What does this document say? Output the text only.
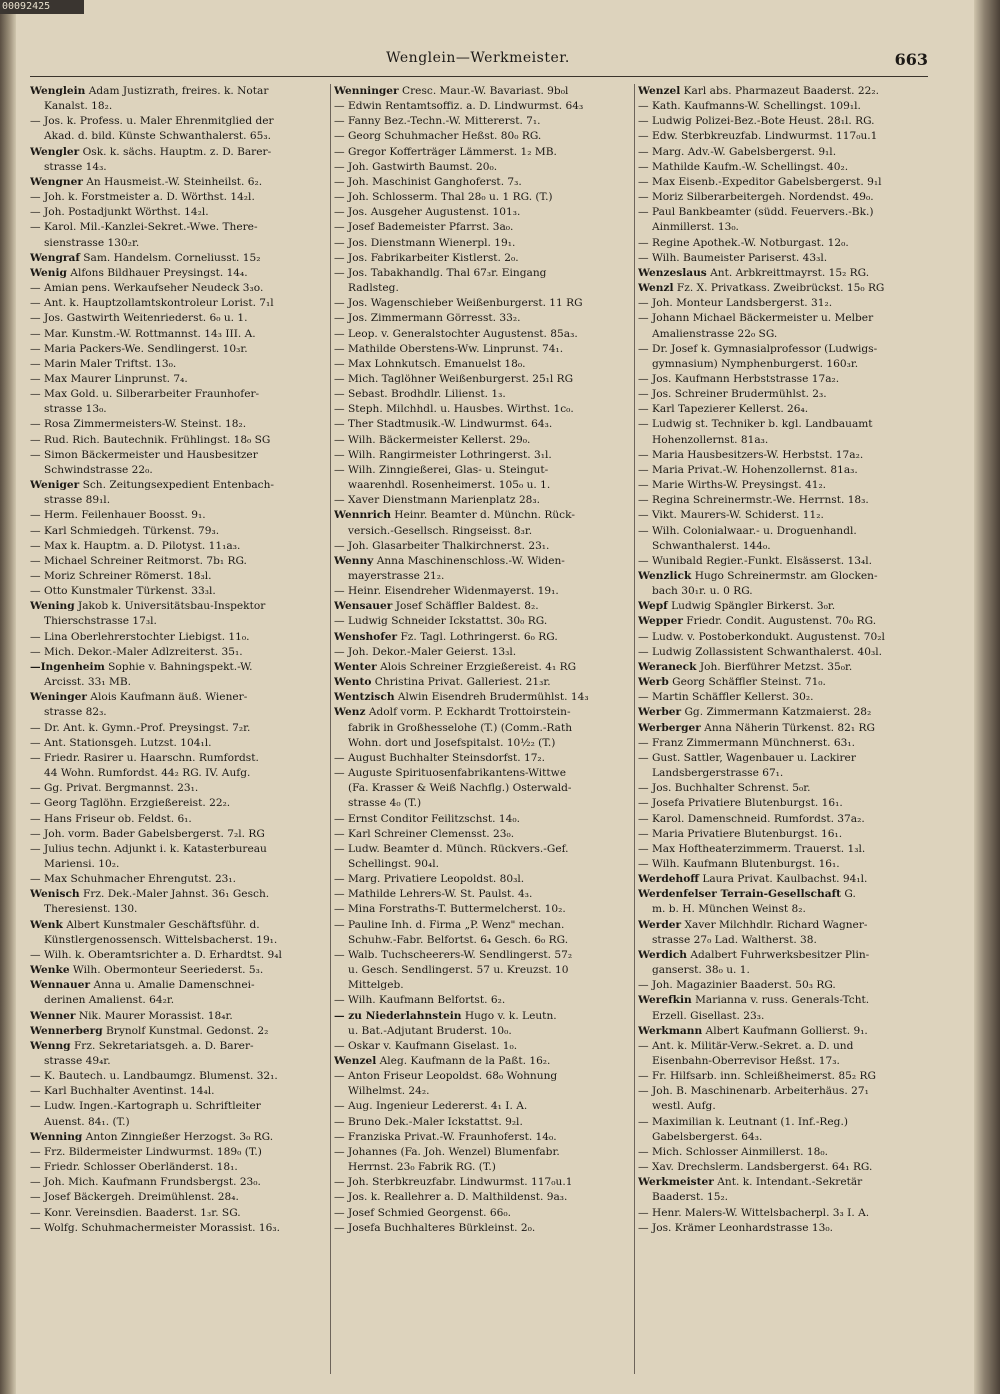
00092425
Wenglein—Werkmeister.	663
Wenglein Adam Justizrath, freires. k. Notar
Kanalst. 18₂.
— Jos. k. Profess. u. Maler Ehrenmitglied der
Akad. d. bild. Künste Schwanthalerst. 65₃.
Wengler Osk. k. sächs. Hauptm. z. D. Barer-
strasse 14₃.
Wengner An Hausmeist.-W. Steinheilst. 6₂.
— Joh. k. Forstmeister a. D. Wörthst. 14₂l.
— Joh. Postadjunkt Wörthst. 14₂l.
— Karol. Mil.-Kanzlei-Sekret.-Wwe. There-
sienstrasse 130₂r.
Wengraf Sam. Handelsm. Corneliusst. 15₂
Wenig Alfons Bildhauer Preysingst. 14₄.
— Amian pens. Werkaufseher Neudeck 3₃o.
— Ant. k. Hauptzollamtskontroleur Lorist. 7₁l
— Jos. Gastwirth Weitenriederst. 6₀ u. 1.
— Mar. Kunstm.-W. Rottmannst. 14₃ III. A.
— Maria Packers-We. Sendlingerst. 10₃r.
— Marin Maler Triftst. 13₀.
— Max Maurer Linprunst. 7₄.
— Max Gold. u. Silberarbeiter Fraunhofer-
strasse 13₀.
— Rosa Zimmermeisters-W. Steinst. 18₂.
— Rud. Rich. Bautechnik. Frühlingst. 18₀ SG
— Simon Bäckermeister und Hausbesitzer
Schwindstrasse 22₀.
Weniger Sch. Zeitungsexpedient Entenbach-
strasse 89₁l.
— Herm. Feilenhauer Boosst. 9₁.
— Karl Schmiedgeh. Türkenst. 79₃.
— Max k. Hauptm. a. D. Pilotyst. 11₁a₃.
— Michael Schreiner Reitmorst. 7b₁ RG.
— Moriz Schreiner Römerst. 18₃l.
— Otto Kunstmaler Türkenst. 33₃l.
Wening Jakob k. Universitätsbau-Inspektor
Thierschstrasse 17₃l.
— Lina Oberlehrerstochter Liebigst. 11₀.
— Mich. Dekor.-Maler Adlzreiterst. 35₁.
—Ingenheim Sophie v. Bahningspekt.-W.
Arcisst. 33₁ MB.
Weninger Alois Kaufmann äuß. Wiener-
strasse 82₃.
— Dr. Ant. k. Gymn.-Prof. Preysingst. 7₂r.
— Ant. Stationsgeh. Lutzst. 104₁l.
— Friedr. Rasirer u. Haarschn. Rumfordst.
44 Wohn. Rumfordst. 44₂ RG. IV. Aufg.
— Gg. Privat. Bergmannst. 23₁.
— Georg Taglöhn. Erzgießereist. 22₂.
— Hans Friseur ob. Feldst. 6₁.
— Joh. vorm. Bader Gabelsbergerst. 7₂l. RG
— Julius techn. Adjunkt i. k. Katasterbureau
Mariensi. 10₂.
— Max Schuhmacher Ehrengutst. 23₁.
Wenisch Frz. Dek.-Maler Jahnst. 36₁ Gesch.
Theresienst. 130.
Wenk Albert Kunstmaler Geschäftsführ. d.
Künstlergenossensch. Wittelsbacherst. 19₁.
— Wilh. k. Oberamtsrichter a. D. Erhardtst. 9₄l
Wenke Wilh. Obermonteur Seeriederst. 5₃.
Wennauer Anna u. Amalie Damenschnei-
derinen Amalienst. 64₂r.
Wenner Nik. Maurer Morassist. 18₄r.
Wennerberg Brynolf Kunstmal. Gedonst. 2₂
Wenng Frz. Sekretariatsgeh. a. D. Barer-
strasse 49₄r.
— K. Bautech. u. Landbaumgz. Blumenst. 32₁.
— Karl Buchhalter Aventinst. 14₄l.
— Ludw. Ingen.-Kartograph u. Schriftleiter
Auenst. 84₁. (T.)
Wenning Anton Zinngießer Herzogst. 3₀ RG.
— Frz. Bildermeister Lindwurmst. 189₀ (T.)
— Friedr. Schlosser Oberländerst. 18₁.
— Joh. Mich. Kaufmann Frundsbergst. 23₀.
— Josef Bäckergeh. Dreimühlenst. 28₄.
— Konr. Vereinsdien. Baaderst. 1₃r. SG.
— Wolfg. Schuhmachermeister Morassist. 16₃.
Wenninger Cresc. Maur.-W. Bavariast. 9b₀l
— Edwin Rentamtsoffiz. a. D. Lindwurmst. 64₃
— Fanny Bez.-Techn.-W. Mittererst. 7₁.
— Georg Schuhmacher Heßst. 80₀ RG.
— Gregor Kofferträger Lämmerst. 1₂ MB.
— Joh. Gastwirth Baumst. 20₀.
— Joh. Maschinist Ganghoferst. 7₃.
— Joh. Schlosserm. Thal 28₀ u. 1 RG. (T.)
— Jos. Ausgeher Augustenst. 101₃.
— Josef Bademeister Pfarrst. 3a₀.
— Jos. Dienstmann Wienerpl. 19₁.
— Jos. Fabrikarbeiter Kistlerst. 2₀.
— Jos. Tabakhandlg. Thal 67₃r. Eingang
Radlsteg.
— Jos. Wagenschieber Weißenburgerst. 11 RG
— Jos. Zimmermann Görresst. 33₂.
— Leop. v. Generalstochter Augustenst. 85a₃.
— Mathilde Oberstens-Ww. Linprunst. 74₁.
— Max Lohnkutsch. Emanuelst 18₀.
— Mich. Taglöhner Weißenburgerst. 25₁l RG
— Sebast. Brodhdlr. Lilienst. 1₃.
— Steph. Milchhdl. u. Hausbes. Wirthst. 1c₀.
— Ther Stadtmusik.-W. Lindwurmst. 64₃.
— Wilh. Bäckermeister Kellerst. 29₀.
— Wilh. Rangirmeister Lothringerst. 3₁l.
— Wilh. Zinngießerei, Glas- u. Steingut-
waarenhdl. Rosenheimerst. 105₀ u. 1.
— Xaver Dienstmann Marienplatz 28₃.
Wennrich Heinr. Beamter d. Münchn. Rück-
versich.-Gesellsch. Ringseisst. 8₃r.
— Joh. Glasarbeiter Thalkirchnerst. 23₁.
Wenny Anna Maschinenschloss.-W. Widen-
mayerstrasse 21₂.
— Heinr. Eisendreher Widenmayerst. 19₁.
Wensauer Josef Schäffler Baldest. 8₂.
— Ludwig Schneider Ickstattst. 30₀ RG.
Wenshofer Fz. Tagl. Lothringerst. 6₀ RG.
— Joh. Dekor.-Maler Geierst. 13₃l.
Wenter Alois Schreiner Erzgießereist. 4₁ RG
Wento Christina Privat. Galleriest. 21₃r.
Wentzisch Alwin Eisendreh Brudermühlst. 14₃
Wenz Adolf vorm. P. Eckhardt Trottoirstein-
fabrik in Großhesselohe (T.) (Comm.-Rath
Wohn. dort und Josefspitalst. 10½₂ (T.)
— August Buchhalter Steinsdorfst. 17₂.
— Auguste Spirituosenfabrikantens-Wittwe
(Fa. Krasser & Weiß Nachflg.) Osterwald-
strasse 4₀ (T.)
— Ernst Conditor Feilitzschst. 14₀.
— Karl Schreiner Clemensst. 23₀.
— Ludw. Beamter d. Münch. Rückvers.-Gef.
Schellingst. 90₄l.
— Marg. Privatiere Leopoldst. 80₃l.
— Mathilde Lehrers-W. St. Paulst. 4₃.
— Mina Forstraths-T. Buttermelcherst. 10₂.
— Pauline Inh. d. Firma „P. Wenz" mechan.
Schuhw.-Fabr. Belfortst. 6₄ Gesch. 6₀ RG.
— Walb. Tuchscheerers-W. Sendlingerst. 57₂
u. Gesch. Sendlingerst. 57 u. Kreuzst. 10
Mittelgeb.
— Wilh. Kaufmann Belfortst. 6₂.
— zu Niederlahnstein Hugo v. k. Leutn.
u. Bat.-Adjutant Bruderst. 10₀.
— Oskar v. Kaufmann Giselast. 1₀.
Wenzel Aleg. Kaufmann de la Paßt. 16₂.
— Anton Friseur Leopoldst. 68₀ Wohnung
Wilhelmst. 24₂.
— Aug. Ingenieur Ledererst. 4₁ I. A.
— Bruno Dek.-Maler Ickstattst. 9₂l.
— Franziska Privat.-W. Fraunhoferst. 14₀.
— Johannes (Fa. Joh. Wenzel) Blumenfabr.
Herrnst. 23₀ Fabrik RG. (T.)
— Joh. Sterbkreuzfabr. Lindwurmst. 117₀u.1
— Jos. k. Reallehrer a. D. Malthildenst. 9a₃.
— Josef Schmied Georgenst. 66₀.
— Josefa Buchhalteres Bürkleinst. 2₀.
Wenzel Karl abs. Pharmazeut Baaderst. 22₂.
— Kath. Kaufmanns-W. Schellingst. 109₁l.
— Ludwig Polizei-Bez.-Bote Heust. 28₁l. RG.
— Edw. Sterbkreuzfab. Lindwurmst. 117₀u.1
— Marg. Adv.-W. Gabelsbergerst. 9₁l.
— Mathilde Kaufm.-W. Schellingst. 40₂.
— Max Eisenb.-Expeditor Gabelsbergerst. 9₁l
— Moriz Silberarbeitergeh. Nordendst. 49₀.
— Paul Bankbeamter (südd. Feuervers.-Bk.)
Ainmillerst. 13₀.
— Regine Apothek.-W. Notburgast. 12₀.
— Wilh. Baumeister Pariserst. 43₃l.
Wenzeslaus Ant. Arbkreittmayrst. 15₂ RG.
Wenzl Fz. X. Privatkass. Zweibrückst. 15₀ RG
— Joh. Monteur Landsbergerst. 31₂.
— Johann Michael Bäckermeister u. Melber
Amalienstrasse 22₀ SG.
— Dr. Josef k. Gymnasialprofessor (Ludwigs-
gymnasium) Nymphenburgerst. 160₃r.
— Jos. Kaufmann Herbststrasse 17a₂.
— Jos. Schreiner Brudermühlst. 2₃.
— Karl Tapezierer Kellerst. 26₄.
— Ludwig st. Techniker b. kgl. Landbauamt
Hohenzollernst. 81a₃.
— Maria Hausbesitzers-W. Herbstst. 17a₂.
— Maria Privat.-W. Hohenzollernst. 81a₃.
— Marie Wirths-W. Preysingst. 41₂.
— Regina Schreinermstr.-We. Herrnst. 18₃.
— Vikt. Maurers-W. Schiderst. 11₂.
— Wilh. Colonialwaar.- u. Droguenhandl.
Schwanthalerst. 144₀.
— Wunibald Regier.-Funkt. Elsässerst. 13₄l.
Wenzlick Hugo Schreinermstr. am Glocken-
bach 30₁r. u. 0 RG.
Wepf Ludwig Spängler Birkerst. 3₀r.
Wepper Friedr. Condit. Augustenst. 70₀ RG.
— Ludw. v. Postoberkondukt. Augustenst. 70₂l
— Ludwig Zollassistent Schwanthalerst. 40₃l.
Weraneck Joh. Bierführer Metzst. 35₀r.
Werb Georg Schäffler Steinst. 71₀.
— Martin Schäffler Kellerst. 30₂.
Werber Gg. Zimmermann Katzmaierst. 28₂
Werberger Anna Näherin Türkenst. 82₁ RG
— Franz Zimmermann Münchnerst. 63₁.
— Gust. Sattler, Wagenbauer u. Lackirer
Landsbergerstrasse 67₁.
— Jos. Buchhalter Schrenst. 5₀r.
— Josefa Privatiere Blutenburgst. 16₁.
— Karol. Damenschneid. Rumfordst. 37a₂.
— Maria Privatiere Blutenburgst. 16₁.
— Max Hoftheaterzimmerm. Trauerst. 1₃l.
— Wilh. Kaufmann Blutenburgst. 16₁.
Werdehoff Laura Privat. Kaulbachst. 94₁l.
Werdenfelser Terrain-Gesellschaft G.
m. b. H. München Weinst 8₂.
Werder Xaver Milchhdlr. Richard Wagner-
strasse 27₀ Lad. Waltherst. 38.
Werdich Adalbert Fuhrwerksbesitzer Plin-
ganserst. 38₀ u. 1.
— Joh. Magazinier Baaderst. 50₃ RG.
Werefkin Marianna v. russ. Generals-Tcht.
Erzell. Gisellast. 23₃.
Werkmann Albert Kaufmann Gollierst. 9₁.
— Ant. k. Militär-Verw.-Sekret. a. D. und
Eisenbahn-Oberrevisor Heßst. 17₃.
— Fr. Hilfsarb. inn. Schleißheimerst. 85₂ RG
— Joh. B. Maschinenarb. Arbeiterhäus. 27₁
westl. Aufg.
— Maximilian k. Leutnant (1. Inf.-Reg.)
Gabelsbergerst. 64₃.
— Mich. Schlosser Ainmillerst. 18₀.
— Xav. Drechslerm. Landsbergerst. 64₁ RG.
Werkmeister Ant. k. Intendant.-Sekretär
Baaderst. 15₂.
— Henr. Malers-W. Wittelsbacherpl. 3₃ I. A.
— Jos. Krämer Leonhardstrasse 13₀.
